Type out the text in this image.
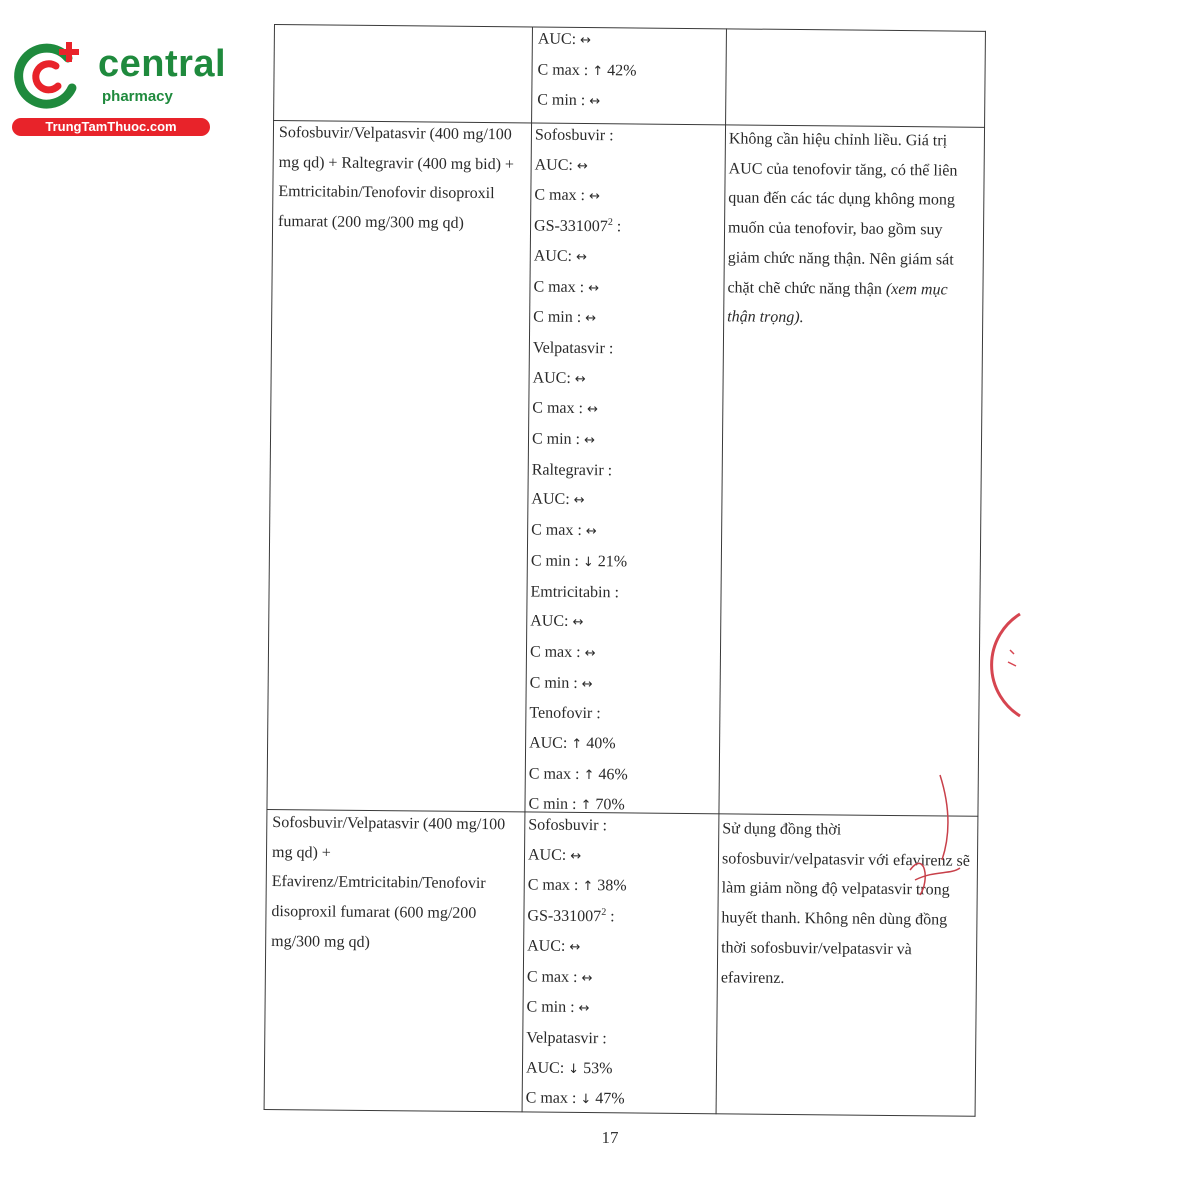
central
pharmacy
TrungTamThuoc.com

AUC: ↔

C max : ↑ 42%

C min : ↔

Sofosbuvir/Velpatasvir (400 mg/100 mg qd) + Raltegravir (400 mg bid) + Emtricitabin/Tenofovir disoproxil fumarat (200 mg/300 mg qd)

Sofosbuvir :

AUC: ↔

C max : ↔

GS-331007$^2$ :

AUC: ↔

C max : ↔

C min : ↔

Velpatasvir :

AUC: ↔

C max : ↔

C min : ↔

Raltegravir :

AUC: ↔

C max : ↔

C min : ↓ 21%

Emtricitabin :

AUC: ↔

C max : ↔

C min : ↔

Tenofovir :

AUC: ↑ 40%

C max : ↑ 46%

C min : ↑ 70%

Không cần hiệu chỉnh liều. Giá trị AUC của tenofovir tăng, có thể liên quan đến các tác dụng không mong muốn của tenofovir, bao gồm suy giảm chức năng thận. Nên giám sát chặt chẽ chức năng thận (xem mục thận trọng).

Sofosbuvir/Velpatasvir (400 mg/100 mg qd) + Efavirenz/Emtricitabin/Tenofovir disoproxil fumarat (600 mg/200 mg/300 mg qd)

Sofosbuvir :

AUC: ↔

C max : ↑ 38%

GS-331007$^2$ :

AUC: ↔

C max : ↔

C min : ↔

Velpatasvir :

AUC: ↓ 53%

C max : ↓ 47%

Sử dụng đồng thời sofosbuvir/velpatasvir với efavirenz sẽ làm giảm nồng độ velpatasvir trong huyết thanh. Không nên dùng đồng thời sofosbuvir/velpatasvir và efavirenz.

17
